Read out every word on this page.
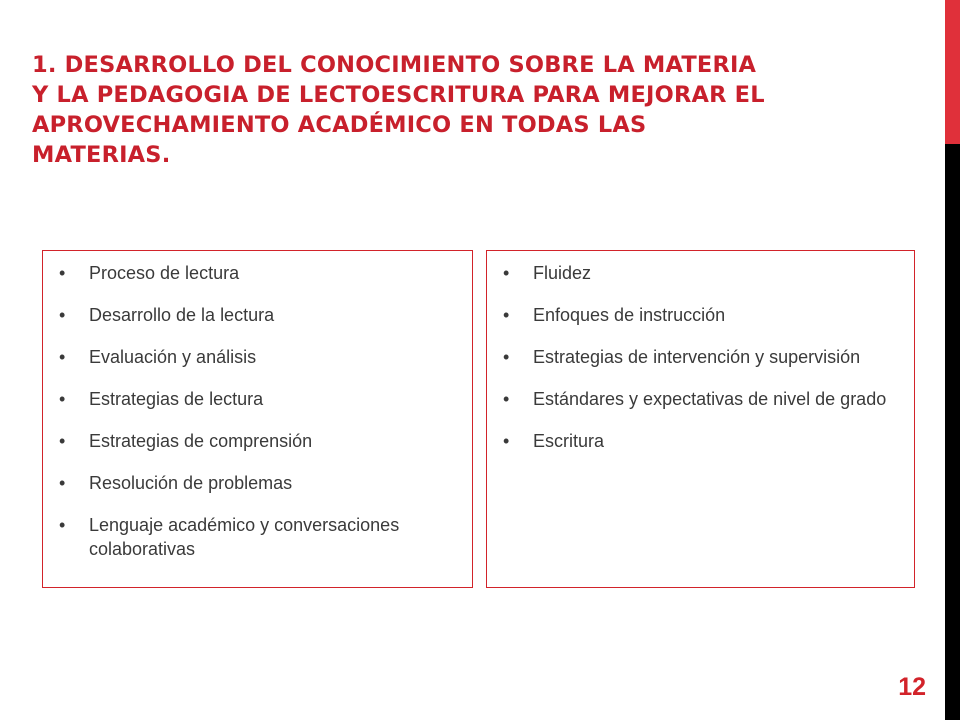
1. DESARROLLO DEL CONOCIMIENTO SOBRE LA MATERIA
Y LA PEDAGOGIA DE LECTOESCRITURA PARA MEJORAR EL
APROVECHAMIENTO ACADÉMICO EN TODAS LAS
MATERIAS.
• Proceso de lectura
• Desarrollo de la lectura
• Evaluación y análisis
• Estrategias de lectura
• Estrategias de comprensión
• Resolución de problemas
• Lenguaje académico y conversaciones colaborativas
• Fluidez
• Enfoques de instrucción
• Estrategias de intervención y supervisión
• Estándares y expectativas de nivel de grado
• Escritura
12
